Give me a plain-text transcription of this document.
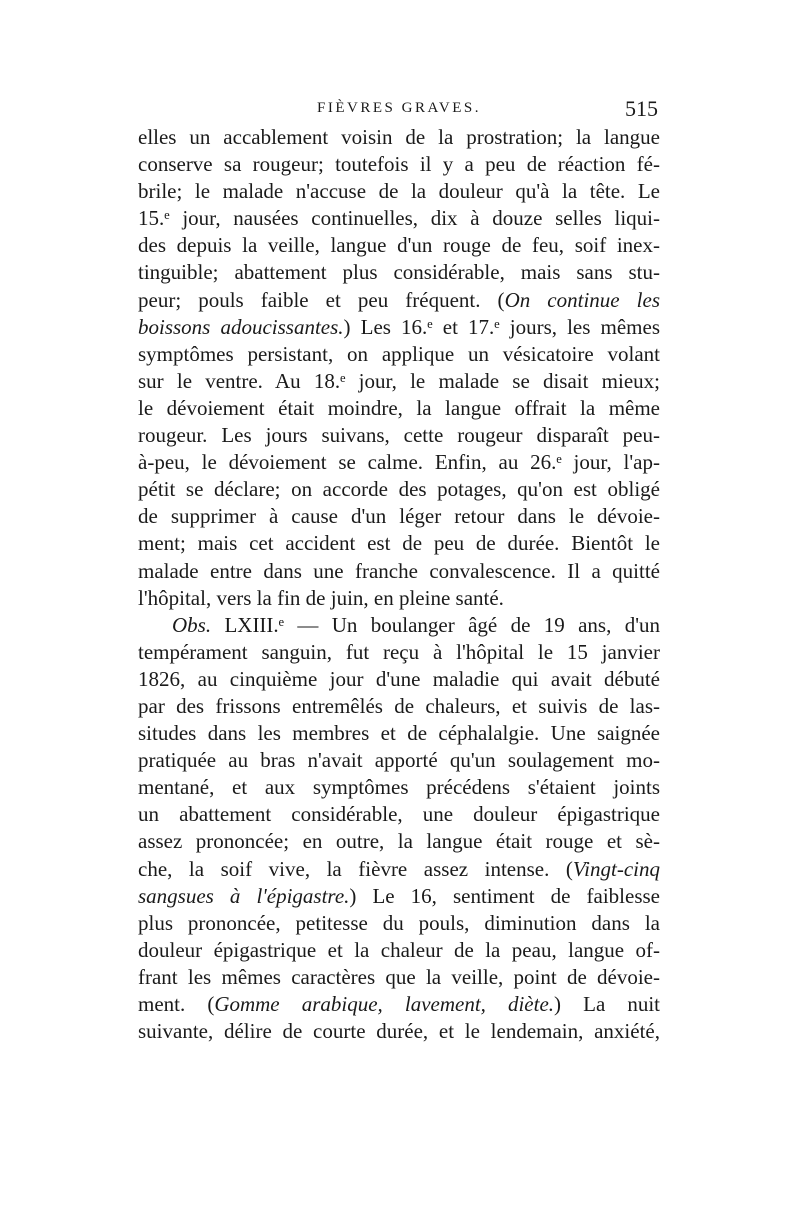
FIÈVRES GRAVES.	515
elles un accablement voisin de la prostration; la langue
conserve sa rougeur; toutefois il y a peu de réaction fé-
brile; le malade n'accuse de la douleur qu'à la tête. Le
15.ᵉ jour, nausées continuelles, dix à douze selles liqui-
des depuis la veille, langue d'un rouge de feu, soif inex-
tinguible; abattement plus considérable, mais sans stu-
peur; pouls faible et peu fréquent. (On continue les
boissons adoucissantes.) Les 16.ᵉ et 17.ᵉ jours, les mêmes
symptômes persistant, on applique un vésicatoire volant
sur le ventre. Au 18.ᵉ jour, le malade se disait mieux;
le dévoiement était moindre, la langue offrait la même
rougeur. Les jours suivans, cette rougeur disparaît peu-
à-peu, le dévoiement se calme. Enfin, au 26.ᵉ jour, l'ap-
pétit se déclare; on accorde des potages, qu'on est obligé
de supprimer à cause d'un léger retour dans le dévoie-
ment; mais cet accident est de peu de durée. Bientôt le
malade entre dans une franche convalescence. Il a quitté
l'hôpital, vers la fin de juin, en pleine santé.
Obs. LXIII.ᵉ — Un boulanger âgé de 19 ans, d'un
tempérament sanguin, fut reçu à l'hôpital le 15 janvier
1826, au cinquième jour d'une maladie qui avait débuté
par des frissons entremêlés de chaleurs, et suivis de las-
situdes dans les membres et de céphalalgie. Une saignée
pratiquée au bras n'avait apporté qu'un soulagement mo-
mentané, et aux symptômes précédens s'étaient joints
un abattement considérable, une douleur épigastrique
assez prononcée; en outre, la langue était rouge et sè-
che, la soif vive, la fièvre assez intense. (Vingt-cinq
sangsues à l'épigastre.) Le 16, sentiment de faiblesse
plus prononcée, petitesse du pouls, diminution dans la
douleur épigastrique et la chaleur de la peau, langue of-
frant les mêmes caractères que la veille, point de dévoie-
ment. (Gomme arabique, lavement, diète.) La nuit
suivante, délire de courte durée, et le lendemain, anxiété,
